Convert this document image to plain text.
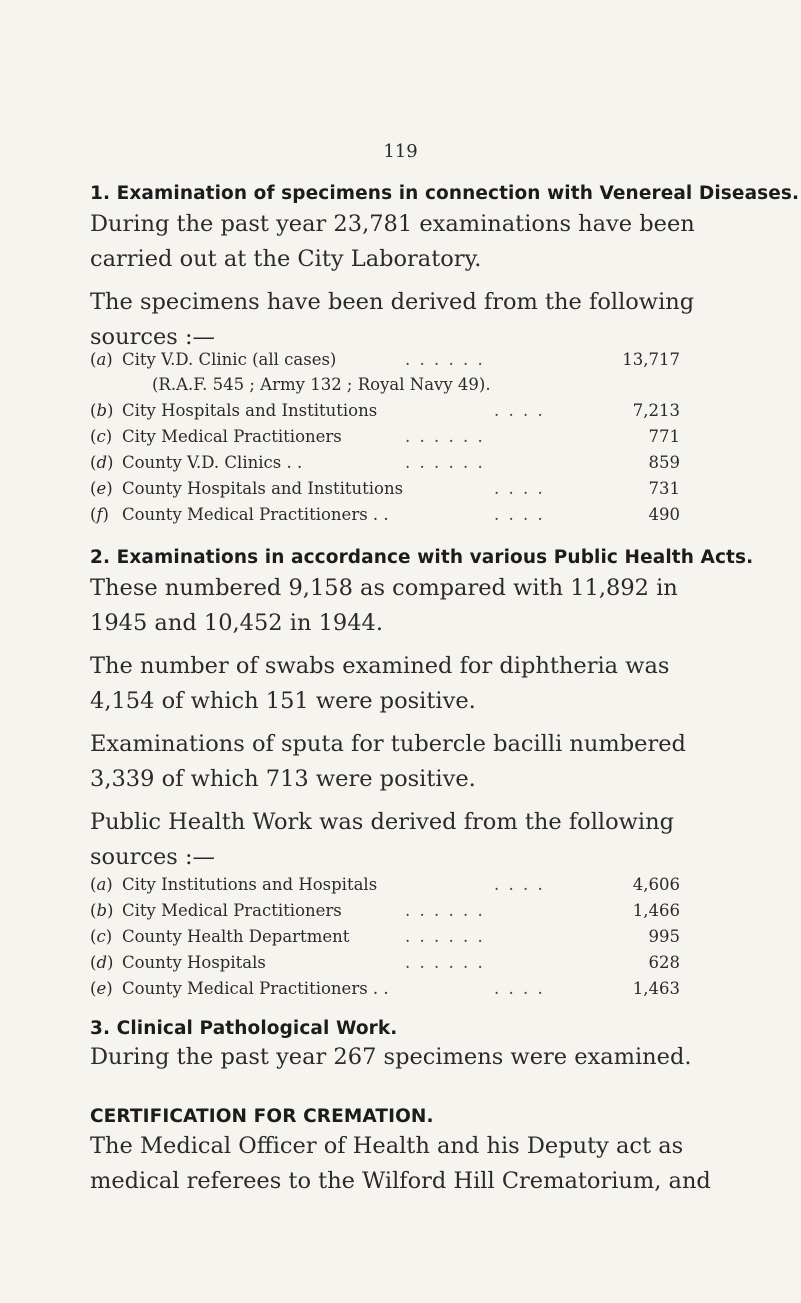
119
1. Examination of specimens in connection with Venereal Diseases.
During the past year 23,781 examinations have been
carried out at the City Laboratory.
The specimens have been derived from the following
sources :—
(a) City V.D. Clinic (all cases)	. . . . . .	13,717
(R.A.F. 545 ; Army 132 ; Royal Navy 49).
(b) City Hospitals and Institutions	. . . .	7,213
(c) City Medical Practitioners	. . . . . .	771
(d) County V.D. Clinics . .	. . . . . .	859
(e) County Hospitals and Institutions	. . . .	731
(f) County Medical Practitioners . .	. . . .	490
2. Examinations in accordance with various Public Health Acts.
These numbered 9,158 as compared with 11,892 in
1945 and 10,452 in 1944.
The number of swabs examined for diphtheria was
4,154 of which 151 were positive.
Examinations of sputa for tubercle bacilli numbered
3,339 of which 713 were positive.
Public Health Work was derived from the following
sources :—
(a) City Institutions and Hospitals	. . . .	4,606
(b) City Medical Practitioners	. . . . . .	1,466
(c) County Health Department	. . . . . .	995
(d) County Hospitals	. . . . . .	628
(e) County Medical Practitioners . .	. . . .	1,463
3. Clinical Pathological Work.
During the past year 267 specimens were examined.
CERTIFICATION FOR CREMATION.
The Medical Officer of Health and his Deputy act as
medical referees to the Wilford Hill Crematorium, and
